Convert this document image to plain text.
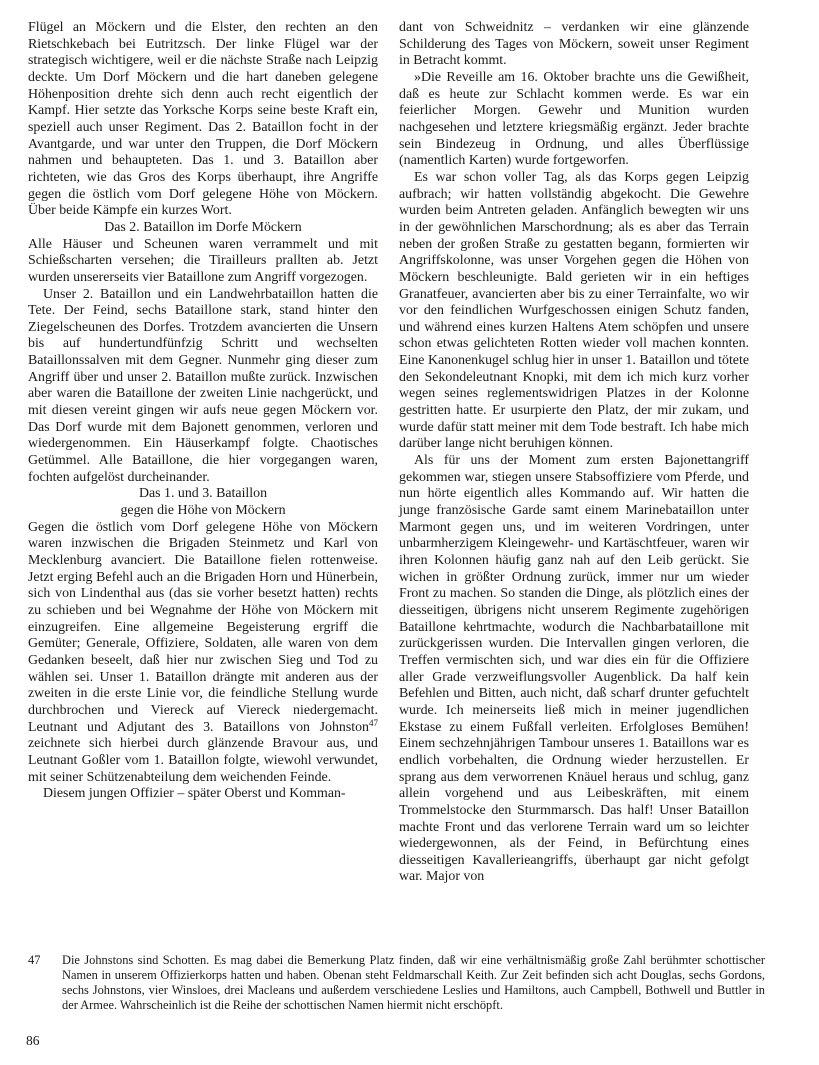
Flügel an Möckern und die Elster, den rechten an den Rietschkebach bei Eutritzsch. Der linke Flügel war der strategisch wichtigere, weil er die nächste Straße nach Leipzig deckte. Um Dorf Möckern und die hart daneben gelegene Höhenposition drehte sich denn auch recht eigentlich der Kampf. Hier setzte das Yorksche Korps seine beste Kraft ein, speziell auch unser Regiment. Das 2. Bataillon focht in der Avantgarde, und war unter den Truppen, die Dorf Möckern nahmen und behaupteten. Das 1. und 3. Bataillon aber richteten, wie das Gros des Korps überhaupt, ihre Angriffe gegen die östlich vom Dorf gelegene Höhe von Möckern. Über beide Kämpfe ein kurzes Wort.

Das 2. Bataillon im Dorfe Möckern

Alle Häuser und Scheunen waren verrammelt und mit Schießscharten versehen; die Tirailleurs prallten ab. Jetzt wurden unsererseits vier Bataillone zum Angriff vorgezogen.

Unser 2. Bataillon und ein Landwehrbataillon hatten die Tete. Der Feind, sechs Bataillone stark, stand hinter den Ziegelscheunen des Dorfes. Trotzdem avancierten die Unsern bis auf hundertundfünfzig Schritt und wechselten Bataillonssalven mit dem Gegner. Nunmehr ging dieser zum Angriff über und unser 2. Bataillon mußte zurück. Inzwischen aber waren die Bataillone der zweiten Linie nachgerückt, und mit diesen vereint gingen wir aufs neue gegen Möckern vor. Das Dorf wurde mit dem Bajonett genommen, verloren und wiedergenommen. Ein Häuserkampf folgte. Chaotisches Getümmel. Alle Bataillone, die hier vorgegangen waren, fochten aufgelöst durcheinander.

Das 1. und 3. Bataillon
gegen die Höhe von Möckern

Gegen die östlich vom Dorf gelegene Höhe von Möckern waren inzwischen die Brigaden Steinmetz und Karl von Mecklenburg avanciert. Die Bataillone fielen rottenweise. Jetzt erging Befehl auch an die Brigaden Horn und Hünerbein, sich von Lindenthal aus (das sie vorher besetzt hatten) rechts zu schieben und bei Wegnahme der Höhe von Möckern mit einzugreifen. Eine allgemeine Begeisterung ergriff die Gemüter; Generale, Offiziere, Soldaten, alle waren von dem Gedanken beseelt, daß hier nur zwischen Sieg und Tod zu wählen sei. Unser 1. Bataillon drängte mit anderen aus der zweiten in die erste Linie vor, die feindliche Stellung wurde durchbrochen und Viereck auf Viereck niedergemacht. Leutnant und Adjutant des 3. Bataillons von Johnston$^{47}$ zeichnete sich hierbei durch glänzende Bravour aus, und Leutnant Goßler vom 1. Bataillon folgte, wiewohl verwundet, mit seiner Schützenabteilung dem weichenden Feinde.

Diesem jungen Offizier – später Oberst und Komman-

dant von Schweidnitz – verdanken wir eine glänzende Schilderung des Tages von Möckern, soweit unser Regiment in Betracht kommt.

»Die Reveille am 16. Oktober brachte uns die Gewißheit, daß es heute zur Schlacht kommen werde. Es war ein feierlicher Morgen. Gewehr und Munition wurden nachgesehen und letztere kriegsmäßig ergänzt. Jeder brachte sein Bindezeug in Ordnung, und alles Überflüssige (namentlich Karten) wurde fortgeworfen.

Es war schon voller Tag, als das Korps gegen Leipzig aufbrach; wir hatten vollständig abgekocht. Die Gewehre wurden beim Antreten geladen. Anfänglich bewegten wir uns in der gewöhnlichen Marschordnung; als es aber das Terrain neben der großen Straße zu gestatten begann, formierten wir Angriffskolonne, was unser Vorgehen gegen die Höhen von Möckern beschleunigte. Bald gerieten wir in ein heftiges Granatfeuer, avancierten aber bis zu einer Terrainfalte, wo wir vor den feindlichen Wurfgeschossen einigen Schutz fanden, und während eines kurzen Haltens Atem schöpfen und unsere schon etwas gelichteten Rotten wieder voll machen konnten. Eine Kanonenkugel schlug hier in unser 1. Bataillon und tötete den Sekondeleutnant Knopki, mit dem ich mich kurz vorher wegen seines reglementswidrigen Platzes in der Kolonne gestritten hatte. Er usurpierte den Platz, der mir zukam, und wurde dafür statt meiner mit dem Tode bestraft. Ich habe mich darüber lange nicht beruhigen können.

Als für uns der Moment zum ersten Bajonettangriff gekommen war, stiegen unsere Stabsoffiziere vom Pferde, und nun hörte eigentlich alles Kommando auf. Wir hatten die junge französische Garde samt einem Marinebataillon unter Marmont gegen uns, und im weiteren Vordringen, unter unbarmherzigem Kleingewehr- und Kartäschtfeuer, waren wir ihren Kolonnen häufig ganz nah auf den Leib gerückt. Sie wichen in größter Ordnung zurück, immer nur um wieder Front zu machen. So standen die Dinge, als plötzlich eines der diesseitigen, übrigens nicht unserem Regimente zugehörigen Bataillone kehrtmachte, wodurch die Nachbarbataillone mit zurückgerissen wurden. Die Intervallen gingen verloren, die Treffen vermischten sich, und war dies ein für die Offiziere aller Grade verzweiflungsvoller Augenblick. Da half kein Befehlen und Bitten, auch nicht, daß scharf drunter gefuchtelt wurde. Ich meinerseits ließ mich in meiner jugendlichen Ekstase zu einem Fußfall verleiten. Erfolgloses Bemühen! Einem sechzehnjährigen Tambour unseres 1. Bataillons war es endlich vorbehalten, die Ordnung wieder herzustellen. Er sprang aus dem verworrenen Knäuel heraus und schlug, ganz allein vorgehend und aus Leibeskräften, mit einem Trommelstocke den Sturmmarsch. Das half! Unser Bataillon machte Front und das verlorene Terrain ward um so leichter wiedergewonnen, als der Feind, in Befürchtung eines diesseitigen Kavallerieangriffs, überhaupt gar nicht gefolgt war. Major von

47	Die Johnstons sind Schotten. Es mag dabei die Bemerkung Platz finden, daß wir eine verhältnismäßig große Zahl berühmter schottischer Namen in unserem Offizierkorps hatten und haben. Obenan steht Feldmarschall Keith. Zur Zeit befinden sich acht Douglas, sechs Gordons, sechs Johnstons, vier Winsloes, drei Macleans und außerdem verschiedene Leslies und Hamiltons, auch Campbell, Bothwell und Buttler in der Armee. Wahrscheinlich ist die Reihe der schottischen Namen hiermit nicht erschöpft.
86
